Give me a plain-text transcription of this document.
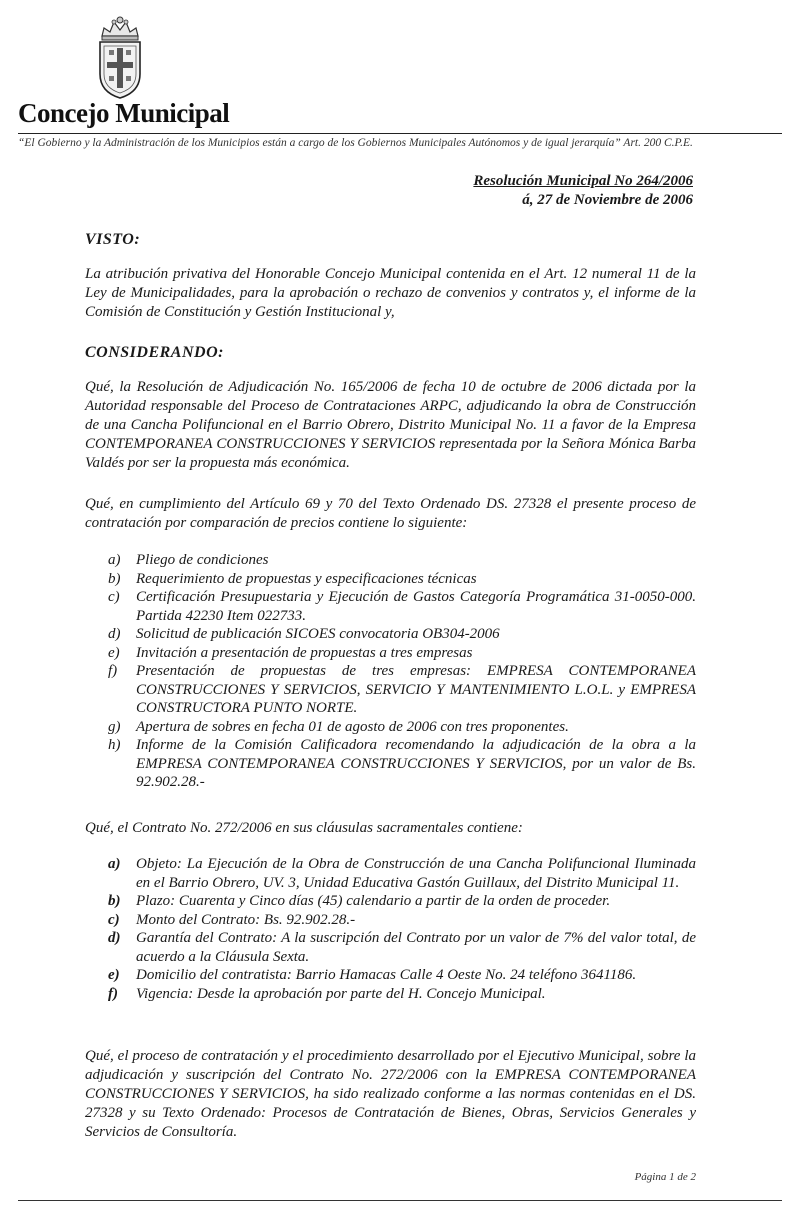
Concejo Municipal
“El Gobierno y la Administración de los Municipios están a cargo de los Gobiernos Municipales Autónomos y de igual jerarquía” Art. 200 C.P.E.
Resolución Municipal No 264/2006
á, 27 de Noviembre de 2006
VISTO:

La atribución privativa del Honorable Concejo Municipal contenida en el Art. 12 numeral 11 de la Ley de Municipalidades, para la aprobación o rechazo de convenios y contratos y, el informe de la Comisión de Constitución y Gestión Institucional y,

CONSIDERANDO:

Qué, la Resolución de Adjudicación No. 165/2006 de fecha 10 de octubre de 2006 dictada por la Autoridad responsable del Proceso de Contrataciones ARPC, adjudicando la obra de Construcción de una Cancha Polifuncional en el Barrio Obrero, Distrito Municipal No. 11 a favor de la Empresa CONTEMPORANEA CONSTRUCCIONES Y SERVICIOS representada por la Señora Mónica Barba Valdés por ser la propuesta más económica.

Qué, en cumplimiento del Artículo 69 y 70 del Texto Ordenado DS. 27328 el presente proceso de contratación por comparación de precios contiene lo siguiente:

a) Pliego de condiciones
b) Requerimiento de propuestas y especificaciones técnicas
c) Certificación Presupuestaria y Ejecución de Gastos Categoría Programática 31-0050-000. Partida 42230 Item 022733.
d) Solicitud de publicación SICOES convocatoria OB304-2006
e) Invitación a presentación de propuestas a tres empresas
f) Presentación de propuestas de tres empresas: EMPRESA CONTEMPORANEA CONSTRUCCIONES Y SERVICIOS, SERVICIO Y MANTENIMIENTO L.O.L. y EMPRESA CONSTRUCTORA PUNTO NORTE.
g) Apertura de sobres en fecha 01 de agosto de 2006 con tres proponentes.
h) Informe de la Comisión Calificadora recomendando la adjudicación de la obra a la EMPRESA CONTEMPORANEA CONSTRUCCIONES Y SERVICIOS, por un valor de Bs. 92.902.28.-

Qué, el Contrato No. 272/2006 en sus cláusulas sacramentales contiene:

a) Objeto: La Ejecución de la Obra de Construcción de una Cancha Polifuncional Iluminada en el Barrio Obrero, UV. 3, Unidad Educativa Gastón Guillaux, del Distrito Municipal 11.
b) Plazo: Cuarenta y Cinco días (45) calendario a partir de la orden de proceder.
c) Monto del Contrato: Bs. 92.902.28.-
d) Garantía del Contrato: A la suscripción del Contrato por un valor de 7% del valor total, de acuerdo a la Cláusula Sexta.
e) Domicilio del contratista: Barrio Hamacas Calle 4 Oeste No. 24 teléfono 3641186.
f) Vigencia: Desde la aprobación por parte del H. Concejo Municipal.

Qué, el proceso de contratación y el procedimiento desarrollado por el Ejecutivo Municipal, sobre la adjudicación y suscripción del Contrato No. 272/2006 con la EMPRESA CONTEMPORANEA CONSTRUCCIONES Y SERVICIOS, ha sido realizado conforme a las normas contenidas en el DS. 27328 y su Texto Ordenado: Procesos de Contratación de Bienes, Obras, Servicios Generales y Servicios de Consultoría.

Página 1 de 2
